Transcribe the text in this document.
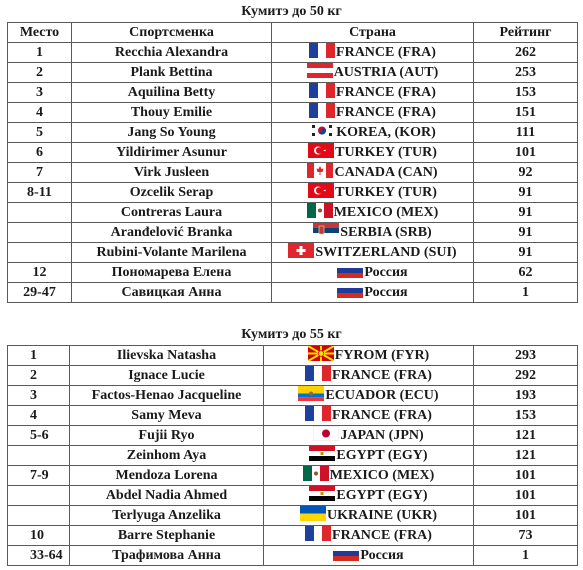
Кумитэ до 50 кг
Место	Спортсменка	Страна	Рейтинг
1	Recchia Alexandra	FRANCE (FRA)	262
2	Plank Bettina	AUSTRIA (AUT)	253
3	Aquilina Betty	FRANCE (FRA)	153
4	Thouy Emilie	FRANCE (FRA)	151
5	Jang So Young	KOREA, (KOR)	111
6	Yildirimer Asunur	TURKEY (TUR)	101
7	Virk Jusleen	CANADA (CAN)	92
8-11	Ozcelik Serap	TURKEY (TUR)	91
	Contreras Laura	MEXICO (MEX)	91
	Aranđelović Branka	SERBIA (SRB)	91
	Rubini-Volante Marilena	SWITZERLAND (SUI)	91
12	Пономарева Елена	Россия	62
29-47	Савицкая Анна	Россия	1
Кумитэ до 55 кг
1	Ilievska Natasha	FYROM (FYR)	293
2	Ignace Lucie	FRANCE (FRA)	292
3	Factos-Henao Jacqueline	ECUADOR (ECU)	193
4	Samy Meva	FRANCE (FRA)	153
5-6	Fujii Ryo	JAPAN (JPN)	121
	Zeinhom Aya	EGYPT (EGY)	121
7-9	Mendoza Lorena	MEXICO (MEX)	101
	Abdel Nadia Ahmed	EGYPT (EGY)	101
	Terlyuga Anzelika	UKRAINE (UKR)	101
10	Barre Stephanie	FRANCE (FRA)	73
33-64	Трафимова Анна	Россия	1
